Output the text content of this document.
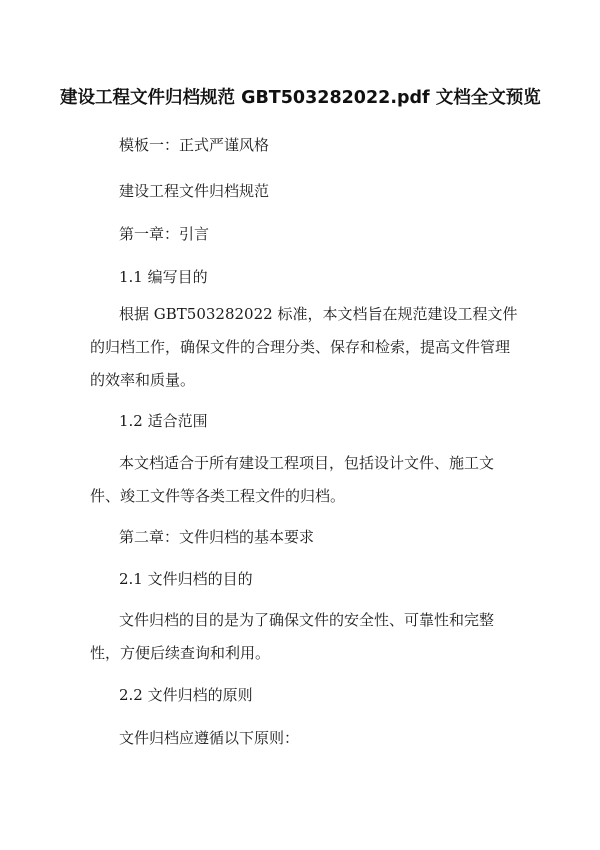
建设工程文件归档规范 GBT503282022.pdf 文档全文预览

模板一：正式严谨风格

建设工程文件归档规范

第一章：引言

1.1 编写目的

根据 GBT503282022 标准，本文档旨在规范建设工程文件的归档工作，确保文件的合理分类、保存和检索，提高文件管理的效率和质量。

1.2 适合范围

本文档适合于所有建设工程项目，包括设计文件、施工文件、竣工文件等各类工程文件的归档。

第二章：文件归档的基本要求

2.1 文件归档的目的

文件归档的目的是为了确保文件的安全性、可靠性和完整性，方便后续查询和利用。

2.2 文件归档的原则

文件归档应遵循以下原则：
